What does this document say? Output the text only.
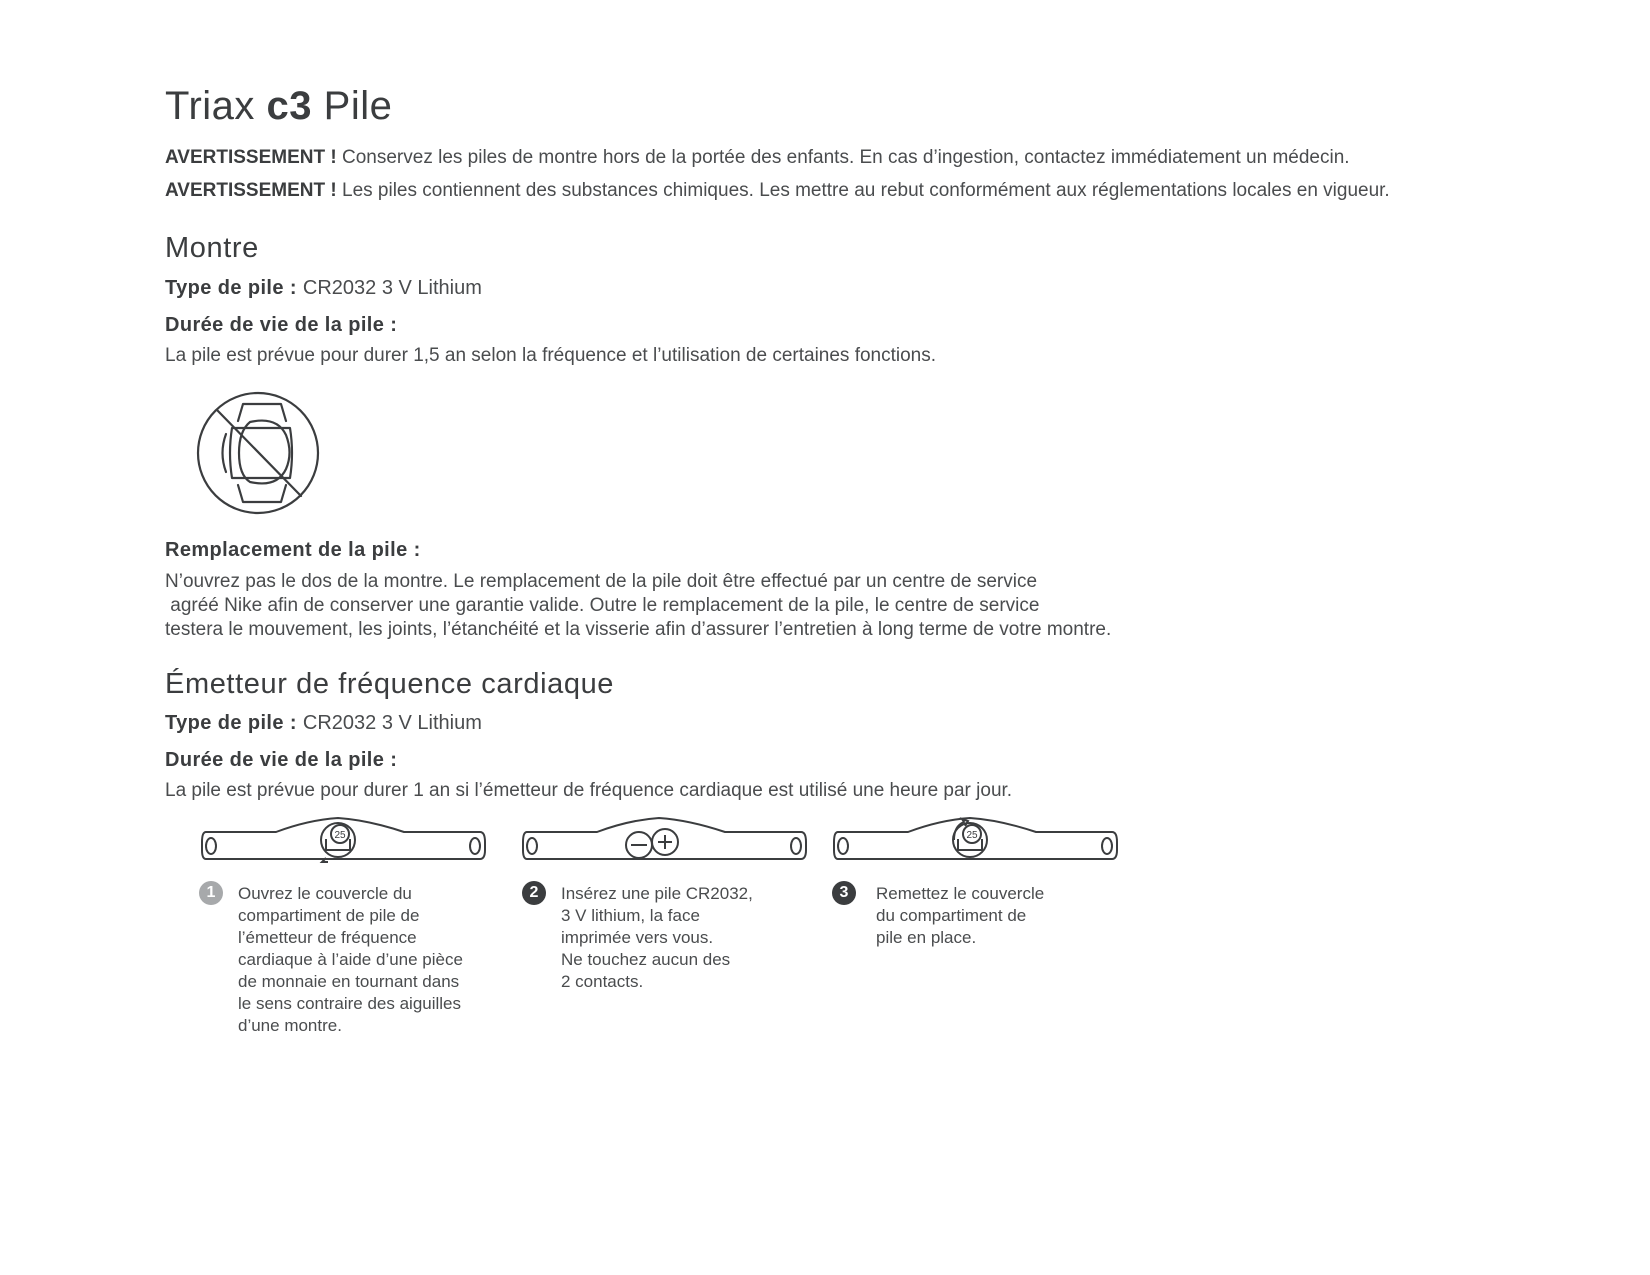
Triax c3 Pile
AVERTISSEMENT ! Conservez les piles de montre hors de la portée des enfants. En cas d’ingestion, contactez immédiatement un médecin.
AVERTISSEMENT ! Les piles contiennent des substances chimiques. Les mettre au rebut conformément aux réglementations locales en vigueur.
Montre
Type de pile : CR2032 3 V Lithium
Durée de vie de la pile :
La pile est prévue pour durer 1,5 an selon la fréquence et l’utilisation de certaines fonctions.
Remplacement de la pile :
N’ouvrez pas le dos de la montre. Le remplacement de la pile doit être effectué par un centre de service
agréé Nike afin de conserver une garantie valide. Outre le remplacement de la pile, le centre de service
testera le mouvement, les joints, l’étanchéité et la visserie afin d’assurer l’entretien à long terme de votre montre.
Émetteur de fréquence cardiaque
Type de pile : CR2032 3 V Lithium
Durée de vie de la pile :
La pile est prévue pour durer 1 an si l’émetteur de fréquence cardiaque est utilisé une heure par jour.
25	25
1	Ouvrez le couvercle du
compartiment de pile de
l’émetteur de fréquence
cardiaque à l’aide d’une pièce
de monnaie en tournant dans
le sens contraire des aiguilles
d’une montre.
2	Insérez une pile CR2032,
3 V lithium, la face
imprimée vers vous.
Ne touchez aucun des
2 contacts.
3	Remettez le couvercle
du compartiment de
pile en place.
